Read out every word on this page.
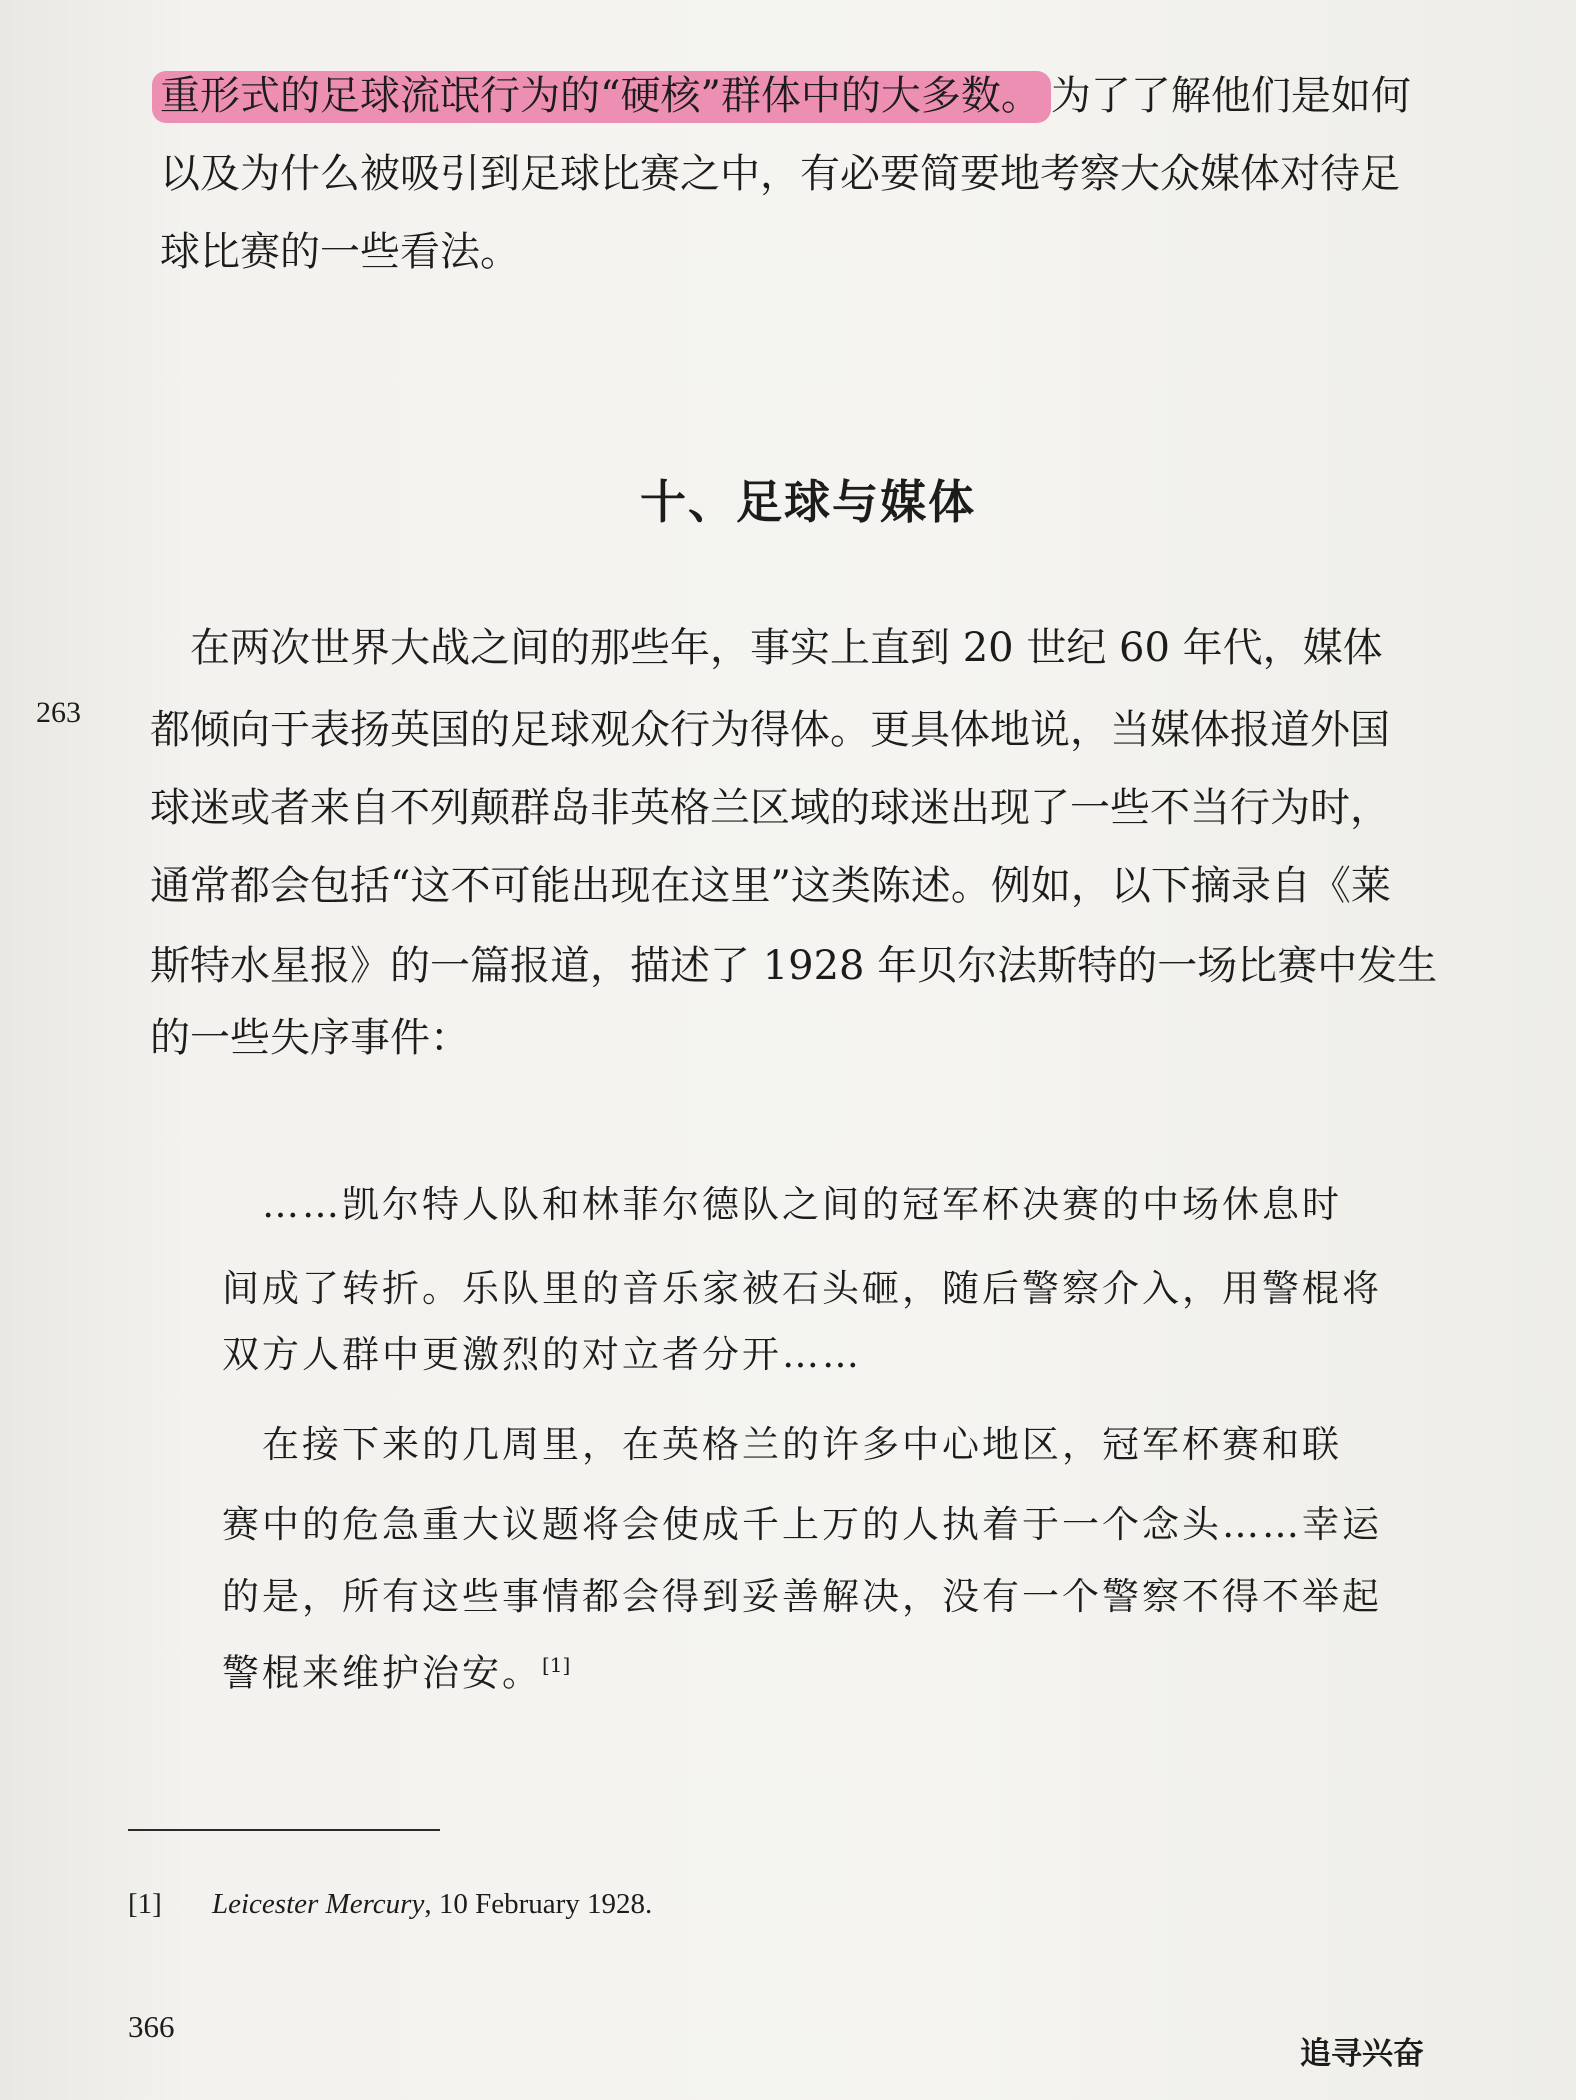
重形式的足球流氓行为的“硬核”群体中的大多数。 为了了解他们是如何
以及为什么被吸引到足球比赛之中，有必要简要地考察大众媒体对待足
球比赛的一些看法。
十、足球与媒体
263
　在两次世界大战之间的那些年，事实上直到 20 世纪 60 年代，媒体
都倾向于表扬英国的足球观众行为得体。更具体地说，当媒体报道外国
球迷或者来自不列颠群岛非英格兰区域的球迷出现了一些不当行为时，
通常都会包括“这不可能出现在这里”这类陈述。例如，以下摘录自《莱
斯特水星报》的一篇报道，描述了 1928 年贝尔法斯特的一场比赛中发生
的一些失序事件：
　……凯尔特人队和林菲尔德队之间的冠军杯决赛的中场休息时
间成了转折。乐队里的音乐家被石头砸，随后警察介入，用警棍将
双方人群中更激烈的对立者分开……
　在接下来的几周里，在英格兰的许多中心地区，冠军杯赛和联
赛中的危急重大议题将会使成千上万的人执着于一个念头……幸运
的是，所有这些事情都会得到妥善解决，没有一个警察不得不举起
警棍来维护治安。[1]
[1] Leicester Mercury, 10 February 1928.
366
追寻兴奋
